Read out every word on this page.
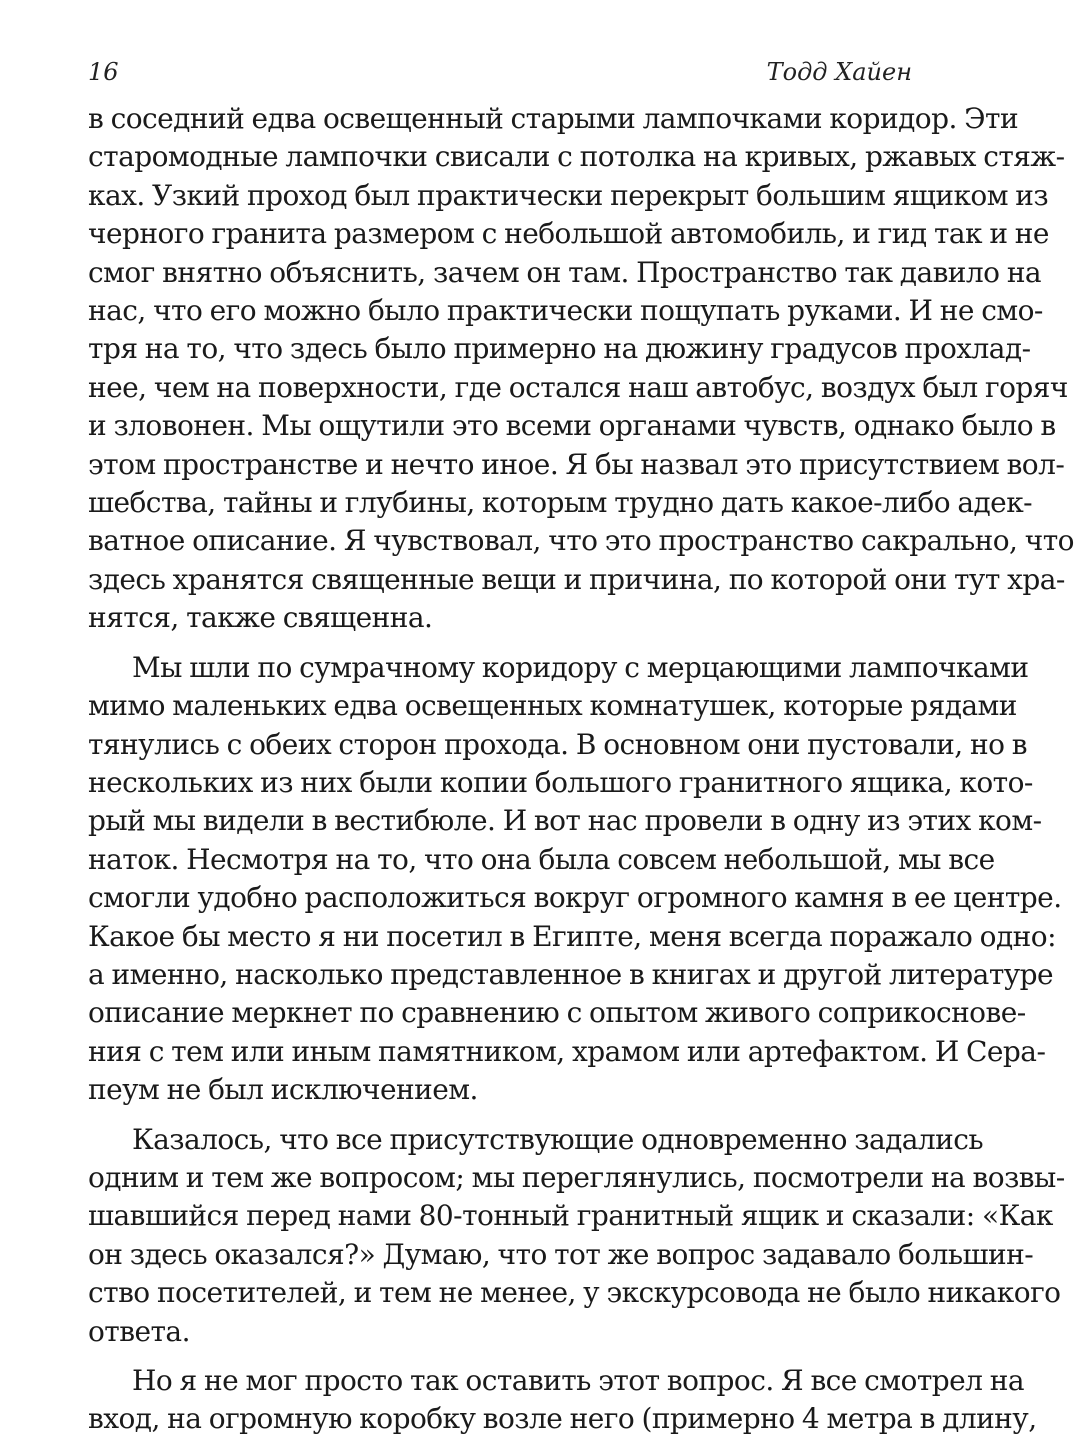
16	Тодд Хайен
в соседний едва освещенный старыми лампочками коридор. Эти
старомодные лампочки свисали с потолка на кривых, ржавых стяж-
ках. Узкий проход был практически перекрыт большим ящиком из
черного гранита размером с небольшой автомобиль, и гид так и не
смог внятно объяснить, зачем он там. Пространство так давило на
нас, что его можно было практически пощупать руками. И не смо-
тря на то, что здесь было примерно на дюжину градусов прохлад-
нее, чем на поверхности, где остался наш автобус, воздух был горяч
и зловонен. Мы ощутили это всеми органами чувств, однако было в
этом пространстве и нечто иное. Я бы назвал это присутствием вол-
шебства, тайны и глубины, которым трудно дать какое-либо адек-
ватное описание. Я чувствовал, что это пространство сакрально, что
здесь хранятся священные вещи и причина, по которой они тут хра-
нятся, также священна.
Мы шли по сумрачному коридору с мерцающими лампочками
мимо маленьких едва освещенных комнатушек, которые рядами
тянулись с обеих сторон прохода. В основном они пустовали, но в
нескольких из них были копии большого гранитного ящика, кото-
рый мы видели в вестибюле. И вот нас провели в одну из этих ком-
наток. Несмотря на то, что она была совсем небольшой, мы все
смогли удобно расположиться вокруг огромного камня в ее центре.
Какое бы место я ни посетил в Египте, меня всегда поражало одно:
а именно, насколько представленное в книгах и другой литературе
описание меркнет по сравнению с опытом живого соприкоснове-
ния с тем или иным памятником, храмом или артефактом. И Сера-
пеум не был исключением.
Казалось, что все присутствующие одновременно задались
одним и тем же вопросом; мы переглянулись, посмотрели на возвы-
шавшийся перед нами 80-тонный гранитный ящик и сказали: «Как
он здесь оказался?» Думаю, что тот же вопрос задавало большин-
ство посетителей, и тем не менее, у экскурсовода не было никакого
ответа.
Но я не мог просто так оставить этот вопрос. Я все смотрел на
вход, на огромную коробку возле него (примерно 4 метра в длину,
